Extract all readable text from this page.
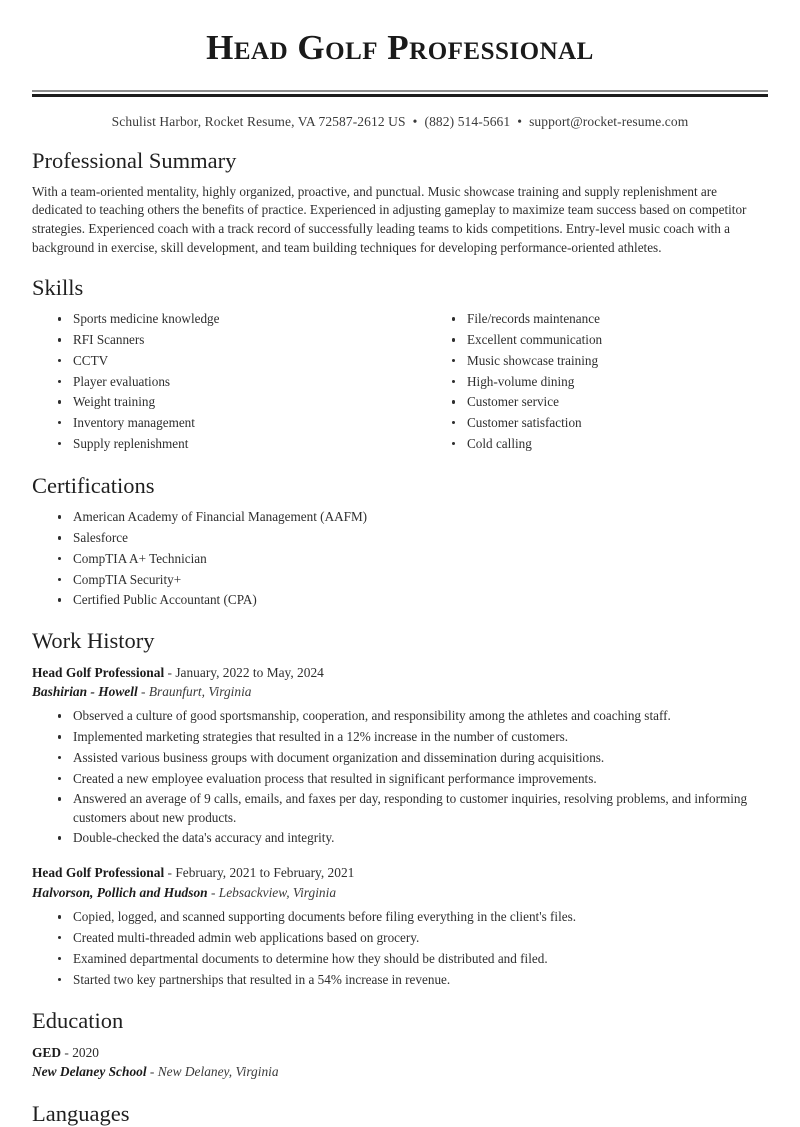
Head Golf Professional
Schulist Harbor, Rocket Resume, VA 72587-2612 US • (882) 514-5661 • support@rocket-resume.com
Professional Summary

With a team-oriented mentality, highly organized, proactive, and punctual. Music showcase training and supply replenishment are dedicated to teaching others the benefits of practice. Experienced in adjusting gameplay to maximize team success based on competitor strategies. Experienced coach with a track record of successfully leading teams to kids competitions. Entry-level music coach with a background in exercise, skill development, and team building techniques for developing performance-oriented athletes.

Skills
Sports medicine knowledge
RFI Scanners
CCTV
Player evaluations
Weight training
Inventory management
Supply replenishment
File/records maintenance
Excellent communication
Music showcase training
High-volume dining
Customer service
Customer satisfaction
Cold calling
Certifications
American Academy of Financial Management (AAFM)
Salesforce
CompTIA A+ Technician
CompTIA Security+
Certified Public Accountant (CPA)
Work History
Head Golf Professional - January, 2022 to May, 2024
Bashirian - Howell - Braunfurt, Virginia
Observed a culture of good sportsmanship, cooperation, and responsibility among the athletes and coaching staff.
Implemented marketing strategies that resulted in a 12% increase in the number of customers.
Assisted various business groups with document organization and dissemination during acquisitions.
Created a new employee evaluation process that resulted in significant performance improvements.
Answered an average of 9 calls, emails, and faxes per day, responding to customer inquiries, resolving problems, and informing customers about new products.
Double-checked the data's accuracy and integrity.
Head Golf Professional - February, 2021 to February, 2021
Halvorson, Pollich and Hudson - Lebsackview, Virginia
Copied, logged, and scanned supporting documents before filing everything in the client's files.
Created multi-threaded admin web applications based on grocery.
Examined departmental documents to determine how they should be distributed and filed.
Started two key partnerships that resulted in a 54% increase in revenue.
Education
GED - 2020
New Delaney School - New Delaney, Virginia
Languages
